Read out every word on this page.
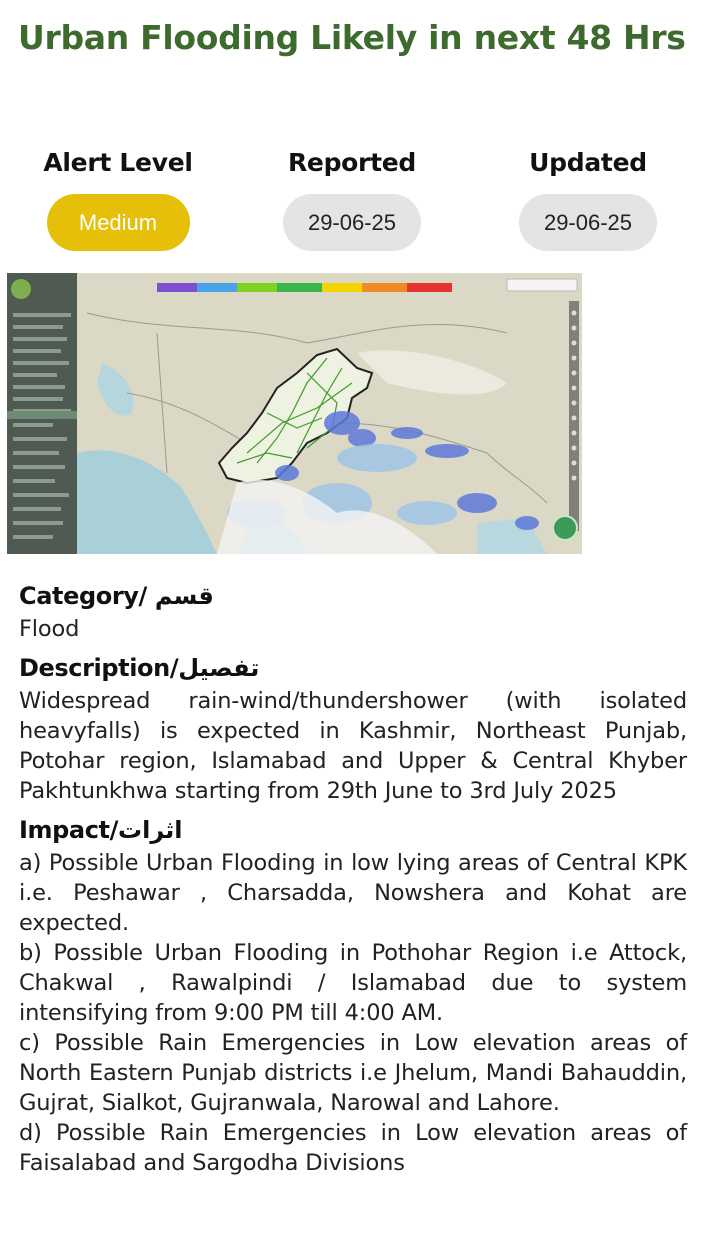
Urban Flooding Likely in next 48 Hrs
Alert Level
Medium
Reported
29-06-25
Updated
29-06-25
Category/ قسم

Flood

Description/تفصیل

Widespread rain-wind/thundershower (with isolated heavyfalls) is expected in Kashmir, Northeast Punjab, Potohar region, Islamabad and Upper & Central Khyber Pakhtunkhwa starting from 29th June to 3rd July 2025

Impact/اثرات

a) Possible Urban Flooding in low lying areas of Central KPK i.e. Peshawar , Charsadda, Nowshera and Kohat are expected.

b) Possible Urban Flooding in Pothohar Region i.e Attock, Chakwal , Rawalpindi / Islamabad due to system intensifying from 9:00 PM till 4:00 AM.

c) Possible Rain Emergencies in Low elevation areas of North Eastern Punjab districts i.e Jhelum, Mandi Bahauddin, Gujrat, Sialkot, Gujranwala, Narowal and Lahore.

d) Possible Rain Emergencies in Low elevation areas of Faisalabad and Sargodha Divisions
